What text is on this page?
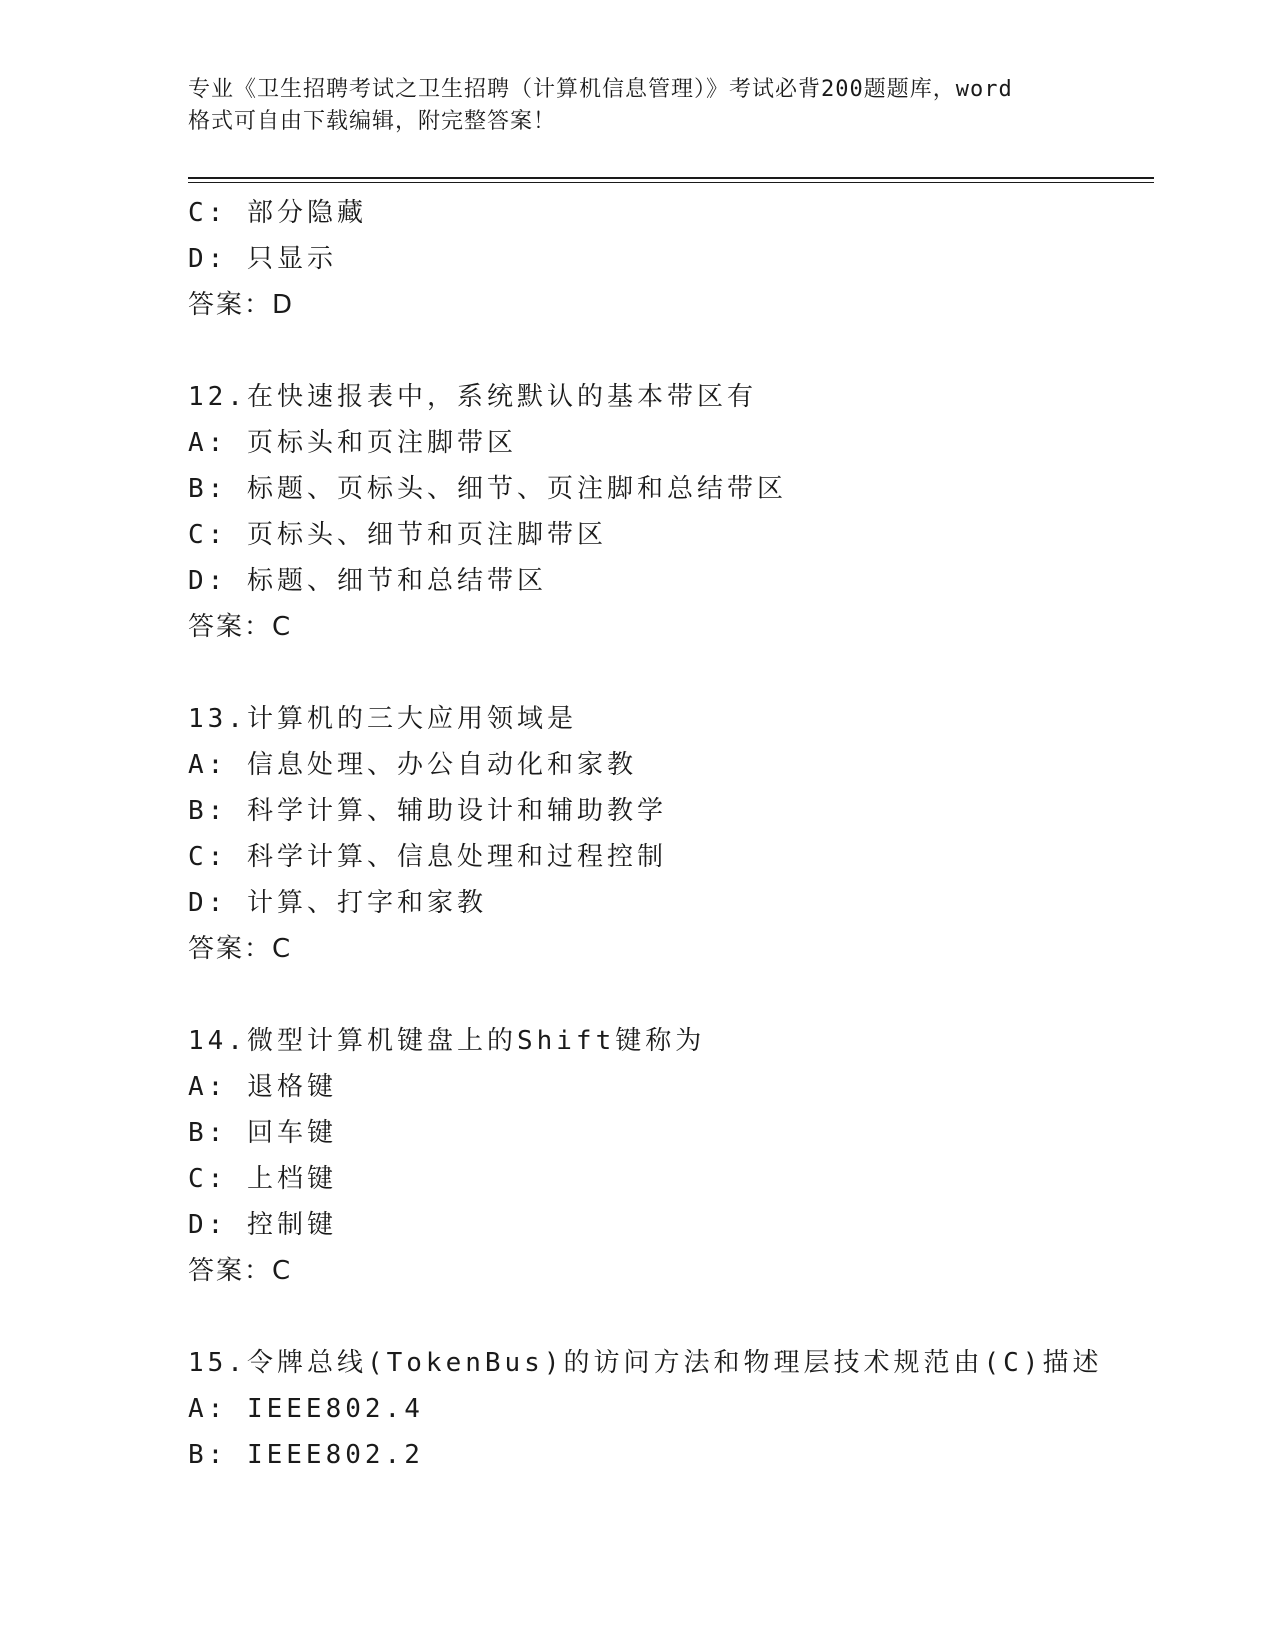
专业《卫生招聘考试之卫生招聘（计算机信息管理）》考试必背200题题库，word
格式可自由下载编辑，附完整答案！
C: 部分隐藏
D: 只显示
答案：D
12.在快速报表中，系统默认的基本带区有
A: 页标头和页注脚带区
B: 标题、页标头、细节、页注脚和总结带区
C: 页标头、细节和页注脚带区
D: 标题、细节和总结带区
答案：C
13.计算机的三大应用领域是
A: 信息处理、办公自动化和家教
B: 科学计算、辅助设计和辅助教学
C: 科学计算、信息处理和过程控制
D: 计算、打字和家教
答案：C
14.微型计算机键盘上的Shift键称为
A: 退格键
B: 回车键
C: 上档键
D: 控制键
答案：C
15.令牌总线(TokenBus)的访问方法和物理层技术规范由(C)描述
A: IEEE802.4
B: IEEE802.2
